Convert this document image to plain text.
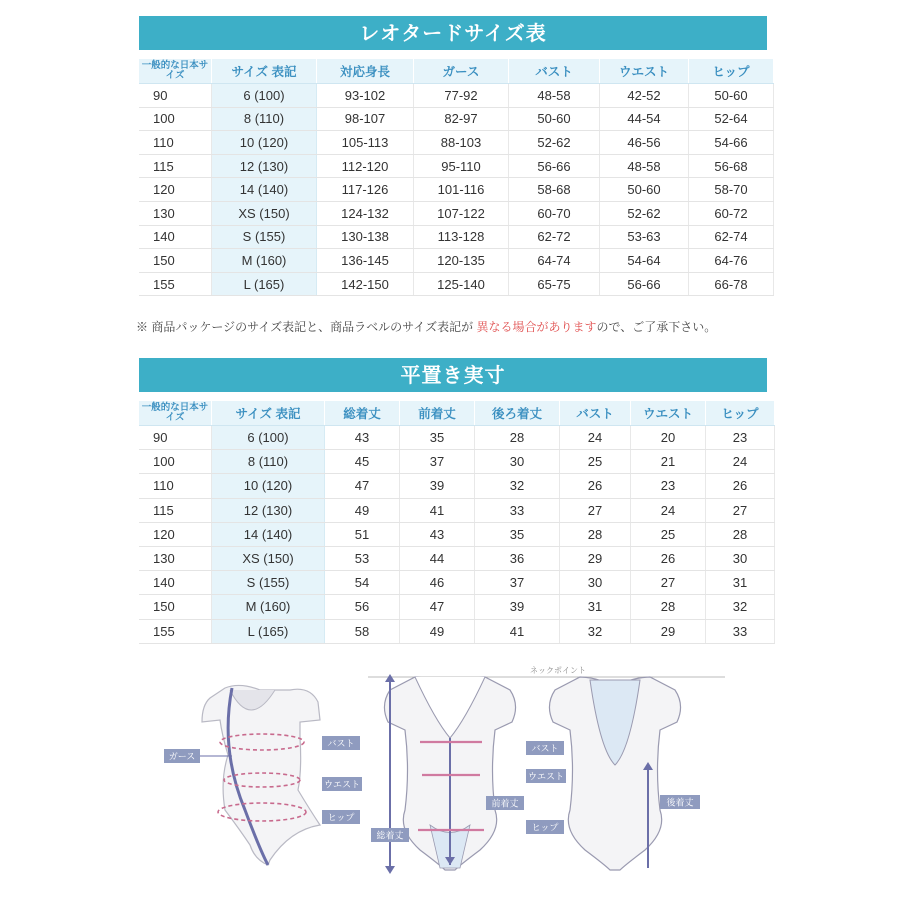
レオタードサイズ表
一般的な日本サイズ	サイズ 表記	対応身長	ガース	バスト	ウエスト	ヒップ
90	6 (100)	93-102	77-92	48-58	42-52	50-60
100	8 (110)	98-107	82-97	50-60	44-54	52-64
110	10 (120)	105-113	88-103	52-62	46-56	54-66
115	12 (130)	112-120	95-110	56-66	48-58	56-68
120	14 (140)	117-126	101-116	58-68	50-60	58-70
130	XS (150)	124-132	107-122	60-70	52-62	60-72
140	S (155)	130-138	113-128	62-72	53-63	62-74
150	M (160)	136-145	120-135	64-74	54-64	64-76
155	L (165)	142-150	125-140	65-75	56-66	66-78
※ 商品パッケージのサイズ表記と、商品ラベルのサイズ表記が 異なる場合がありますので、ご了承下さい。
平置き実寸
一般的な日本サイズ	サイズ 表記	総着丈	前着丈	後ろ着丈	バスト	ウエスト	ヒップ
90	6 (100)	43	35	28	24	20	23
100	8 (110)	45	37	30	25	21	24
110	10 (120)	47	39	32	26	23	26
115	12 (130)	49	41	33	27	24	27
120	14 (140)	51	43	35	28	25	28
130	XS (150)	53	44	36	29	26	30
140	S (155)	54	46	37	30	27	31
150	M (160)	56	47	39	31	28	32
155	L (165)	58	49	41	32	29	33
ガース
バスト
ウエスト
ヒップ
ネックポイント
バスト
ウエスト
ヒップ
前着丈
総着丈
後着丈
